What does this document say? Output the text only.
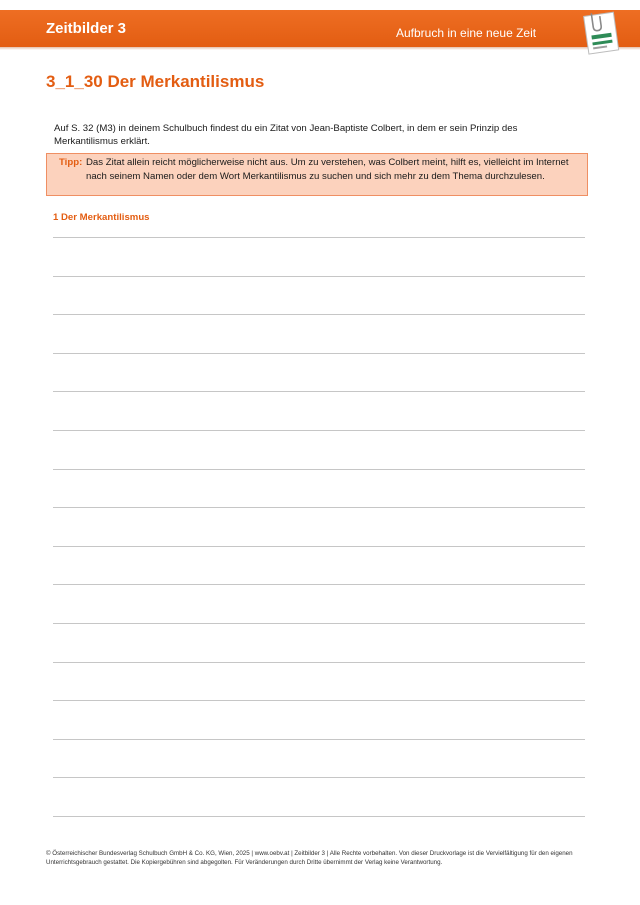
Zeitbilder 3	Aufbruch in eine neue Zeit
3_1_30 Der Merkantilismus
Auf S. 32 (M3) in deinem Schulbuch findest du ein Zitat von Jean-Baptiste Colbert, in dem er sein Prinzip des Merkantilismus erklärt.
Tipp: Das Zitat allein reicht möglicherweise nicht aus. Um zu verstehen, was Colbert meint, hilft es, vielleicht im Internet nach seinem Namen oder dem Wort Merkantilismus zu suchen und sich mehr zu dem Thema durchzulesen.
1 Der Merkantilismus
© Österreichischer Bundesverlag Schulbuch GmbH & Co. KG, Wien, 2025 | www.oebv.at | Zeitbilder 3 | Alle Rechte vorbehalten. Von dieser Druckvorlage ist die Vervielfältigung für den eigenen Unterrichtsgebrauch gestattet. Die Kopiergebühren sind abgegolten. Für Veränderungen durch Dritte übernimmt der Verlag keine Verantwortung.
